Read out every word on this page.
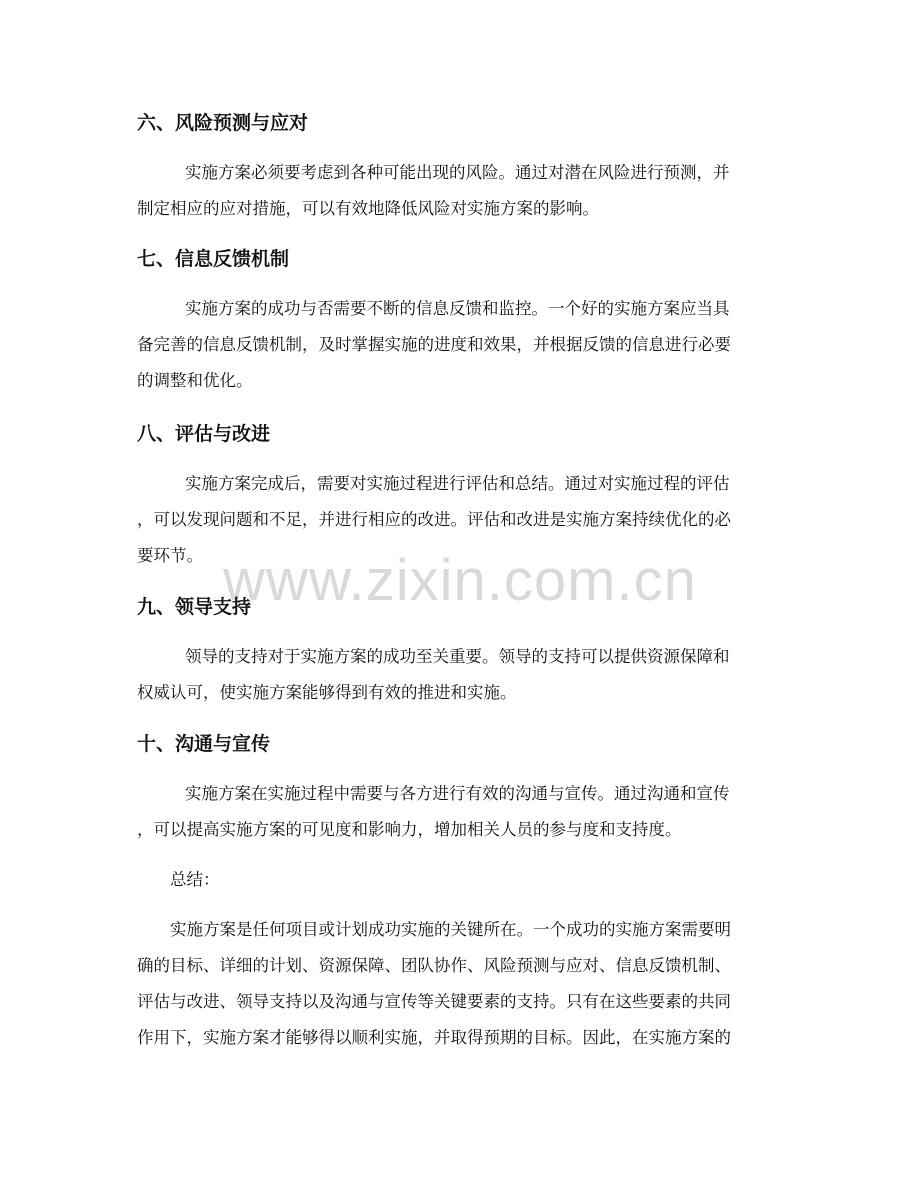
六、风险预测与应对

实施方案必须要考虑到各种可能出现的风险。通过对潜在风险进行预测，并

制定相应的应对措施，可以有效地降低风险对实施方案的影响。

七、信息反馈机制

实施方案的成功与否需要不断的信息反馈和监控。一个好的实施方案应当具

备完善的信息反馈机制，及时掌握实施的进度和效果，并根据反馈的信息进行必要

的调整和优化。

八、评估与改进

实施方案完成后，需要对实施过程进行评估和总结。通过对实施过程的评估

，可以发现问题和不足，并进行相应的改进。评估和改进是实施方案持续优化的必

要环节。 www.zixin.com.cn
九、领导支持

领导的支持对于实施方案的成功至关重要。领导的支持可以提供资源保障和

权威认可，使实施方案能够得到有效的推进和实施。

十、沟通与宣传

实施方案在实施过程中需要与各方进行有效的沟通与宣传。通过沟通和宣传

，可以提高实施方案的可见度和影响力，增加相关人员的参与度和支持度。

总结：

实施方案是任何项目或计划成功实施的关键所在。一个成功的实施方案需要明

确的目标、详细的计划、资源保障、团队协作、风险预测与应对、信息反馈机制、

评估与改进、领导支持以及沟通与宣传等关键要素的支持。只有在这些要素的共同

作用下，实施方案才能够得以顺利实施，并取得预期的目标。因此，在实施方案的
